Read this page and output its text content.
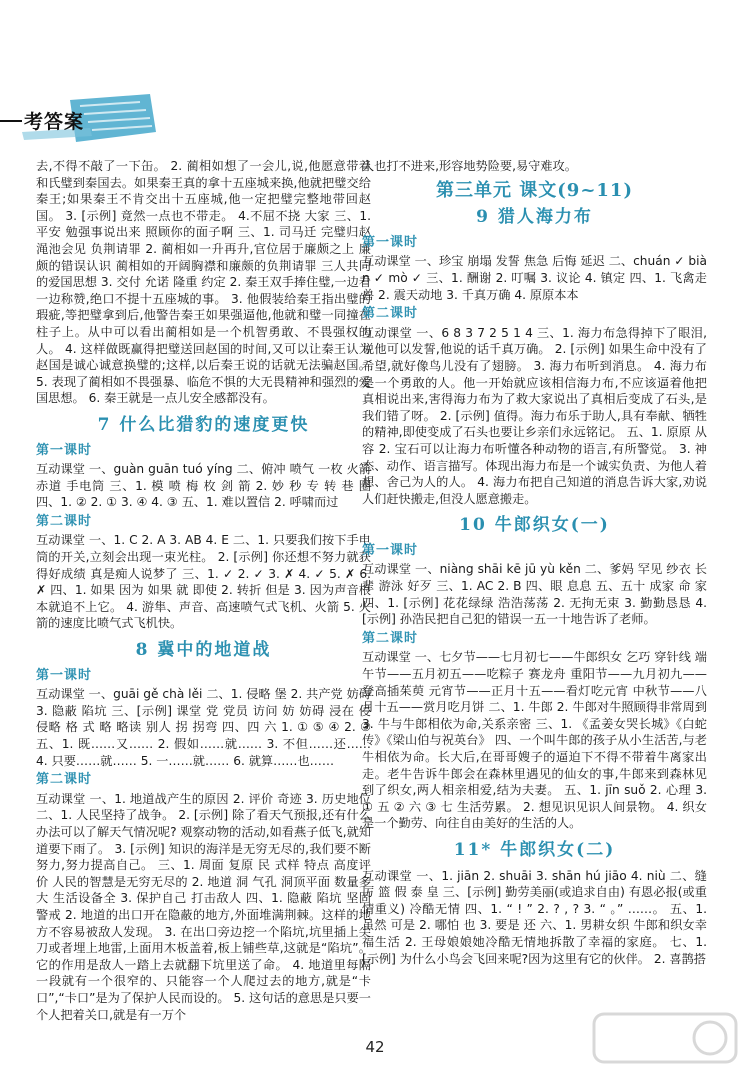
考答案
去,不得不敲了一下缶。 2. 蔺相如想了一会儿,说,他愿意带着和氏璧到秦国去。如果秦王真的拿十五座城来换,他就把璧交给秦王;如果秦王不肯交出十五座城,他一定把璧完整地带回赵国。 3. [示例] 竟然一点也不带走。 4.不屈不挠 大家 三、1. 平安 勉强事说出来 照顾你的面子啊 三、1. 司马迁 完璧归赵 渑池会见 负荆请罪 2. 蔺相如一升再升,官位居于廉颇之上 廉颇的错误认识 蔺相如的开阔胸襟和廉颇的负荆请罪 三人共同的爱国思想 3. 交付 允诺 隆重 约定 2. 秦王双手捧住璧,一边看一边称赞,绝口不提十五座城的事。 3. 他假装给秦王指出璧的瑕疵,等把璧拿到后,他警告秦王如果强逼他,他就和璧一同撞在柱子上。从中可以看出蔺相如是一个机智勇敢、不畏强权的人。 4. 这样做既赢得把璧送回赵国的时间,又可以让秦王认为赵国是诚心诚意换璧的;这样,以后秦王说的话就无法骗赵国。 5. 表现了蔺相如不畏强暴、临危不惧的大无畏精神和强烈的爱国思想。 6. 秦王就是一点儿安全感都没有。
7 什么比猎豹的速度更快
第一课时
互动课堂 一、guàn guān tuó yíng 二、俯冲 喷气 一枚 火箭 赤道 手电筒 三、1. 模 喷 梅 枚 剑 箭 2. 妙 秒 专 转 巷 圈 四、1. ② 2. ① 3. ④ 4. ③ 五、1. 难以置信 2. 呼啸而过
第二课时
互动课堂 一、1. C 2. A 3. AB 4. E 二、1. 只要我们按下手电筒的开关,立刻会出现一束光柱。 2. [示例] 你还想不努力就获得好成绩 真是痴人说梦了 三、1. ✓ 2. ✓ 3. ✗ 4. ✓ 5. ✗ 6. ✗ 四、1. 如果 因为 如果 就 即使 2. 转折 但是 3. 因为声音根本就追不上它。 4. 游隼、声音、高速喷气式飞机、火箭 5. 火箭的速度比喷气式飞机快。
8 冀中的地道战
第一课时
互动课堂 一、guāi gě chà lěi 二、1. 侵略 堡 2. 共产党 妨碍 3. 隐蔽 陷坑 三、[示例] 课堂 党 党员 访问 妨 妨碍 浸在 侵 侵略 格 式 略 略读 别人 拐 拐弯 四、四 六 1. ① ⑤ ④ 2. ③ 五、1. 既……又…… 2. 假如……就…… 3. 不但……还…… 4. 只要……就…… 5. 一……就…… 6. 就算……也……
第二课时
互动课堂 一、1. 地道战产生的原因 2. 评价 奇迹 3. 历史地位 二、1. 人民坚持了战争。 2. [示例] 除了看天气预报,还有什么办法可以了解天气情况呢? 观察动物的活动,如看燕子低飞,就知道要下雨了。 3. [示例] 知识的海洋是无穷无尽的,我们要不断努力,努力提高自己。 三、1. 周面 复原 民 式样 特点 高度评价 人民的智慧是无穷无尽的 2. 地道 洞 气孔 洞顶平面 数量多 大 生活设备全 3. 保护自己 打击敌人 四、1. 隐蔽 陷坑 坚固 警戒 2. 地道的出口开在隐蔽的地方,外面堆满荆棘。这样的地方不容易被敌人发现。 3. 在出口旁边挖一个陷坑,坑里插上尖刀或者埋上地雷,上面用木板盖着,板上铺些草,这就是“陷坑”。它的作用是敌人一踏上去就翻下坑里送了命。 4. 地道里每隔一段就有一个很窄的、只能容一个人爬过去的地方,就是“卡口”,“卡口”是为了保护人民而设的。 5. 这句话的意思是只要一个人把着关口,就是有一万个
人也打不进来,形容地势险要,易守难攻。
第三单元 课文(9~11)
9 猎人海力布
第一课时
互动课堂 一、珍宝 崩塌 发誓 焦急 后悔 延迟 二、chuán ✓ biàn ✓ mò ✓ 三、1. 酬谢 2. 叮嘱 3. 议论 4. 镇定 四、1. 飞禽走兽 2. 震天动地 3. 千真万确 4. 原原本本
第二课时
互动课堂 一、6 8 3 7 2 5 1 4 三、1. 海力布急得掉下了眼泪,说他可以发誓,他说的话千真万确。 2. [示例] 如果生命中没有了希望,就好像鸟儿没有了翅膀。 3. 海力布听到消息。 4. 海力布是一个勇敢的人。他一开始就应该相信海力布,不应该逼着他把真相说出来,害得海力布为了救大家说出了真相后变成了石头,是我们错了呀。 2. [示例] 值得。海力布乐于助人,具有奉献、牺牲的精神,即使变成了石头也要让乡亲们永远铭记。 五、1. 原原 从容 2. 宝石可以让海力布听懂各种动物的语言,有所警觉。 3. 神态、动作、语言描写。体现出海力布是一个诚实负责、为他人着想、舍己为人的人。 4. 海力布把自己知道的消息告诉大家,劝说人们赶快搬走,但没人愿意搬走。
10 牛郎织女(一)
第一课时
互动课堂 一、niàng shāi kē jū yù kěn 二、爹妈 罕见 纱衣 长辈 游泳 好歹 三、1. AC 2. B 四、眼 息息 五、五十 成家 命 家 四、1. [示例] 花花绿绿 浩浩荡荡 2. 无拘无束 3. 勤勤恳恳 4. [示例] 孙浩民把自己犯的错误一五一十地告诉了老师。
第二课时
互动课堂 一、七夕节——七月初七——牛郎织女 乞巧 穿针线 端午节——五月初五——吃粽子 赛龙舟 重阳节——九月初九——登高插茱萸 元宵节——正月十五——看灯吃元宵 中秋节——八月十五——赏月吃月饼 二、1. 牛郎 2. 牛郎对牛照顾得非常周到 3. 牛与牛郎相依为命,关系亲密 三、1. 《孟姜女哭长城》《白蛇传》《梁山伯与祝英台》 四、一个叫牛郎的孩子从小生活苦,与老牛相依为命。长大后,在哥哥嫂子的逼迫下不得不带着牛离家出走。老牛告诉牛郎会在森林里遇见的仙女的事,牛郎来到森林见到了织女,两人相亲相爱,结为夫妻。 五、1. jīn suǒ 2. 心理 3. ① 五 ② 六 ③ 七 生活劳累。 2. 想见识见识人间景物。 4. 织女是一个勤劳、向往自由美好的生活的人。
11* 牛郎织女(二)
互动课堂 一、1. jiān 2. shuāi 3. shān hú jiāo 4. niù 二、缝 厉 篮 假 泰 皇 三、[示例] 勤劳美丽(或追求自由) 有恩必报(或重情重义) 冷酷无情 四、1. “ ! ” 2. ? , ? 3. “ 。” ……。 五、1. 虽然 可是 2. 哪怕 也 3. 要是 还 六、1. 男耕女织 牛郎和织女幸福生活 2. 王母娘娘她冷酷无情地拆散了幸福的家庭。 七、1. [示例] 为什么小鸟会飞回来呢?因为这里有它的伙伴。 2. 喜鹊搭
42
